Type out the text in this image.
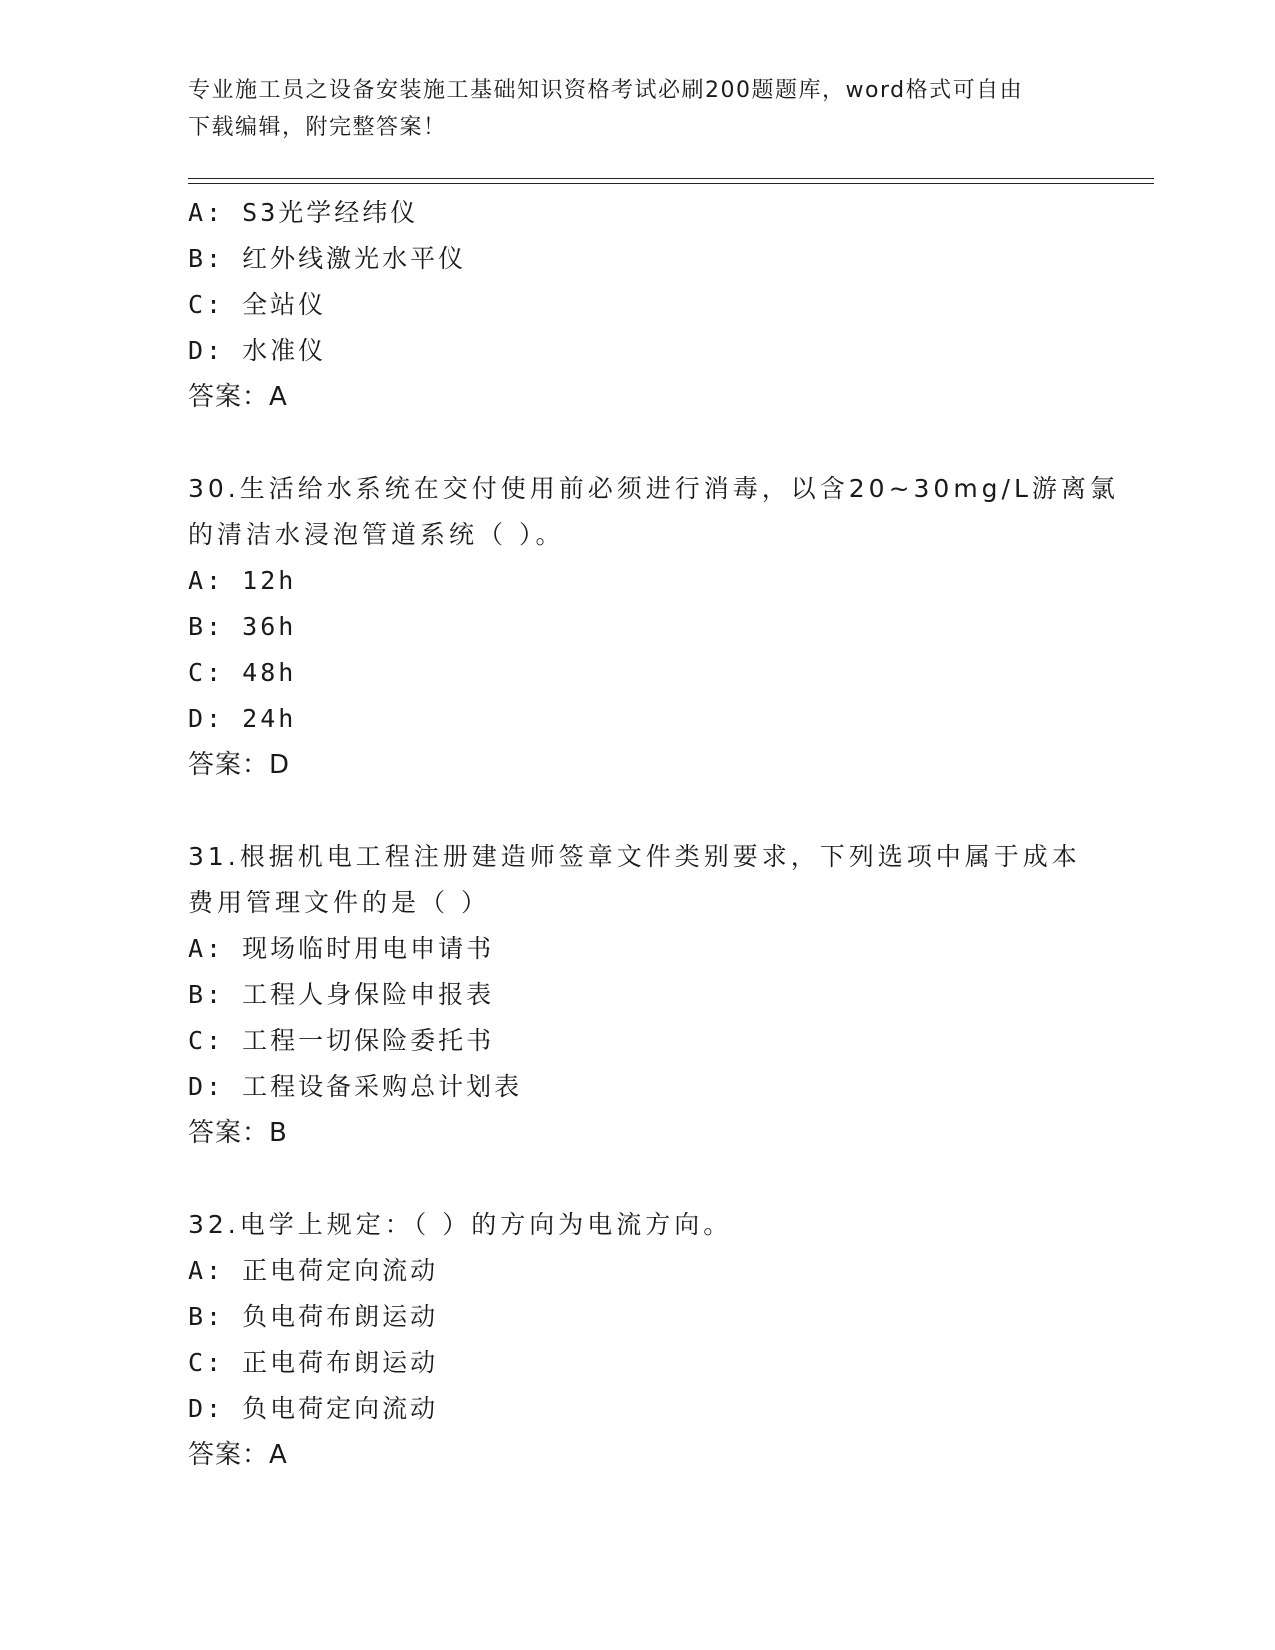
专业施工员之设备安装施工基础知识资格考试必刷200题题库，word格式可自由
下载编辑，附完整答案！
A: S3光学经纬仪
B: 红外线激光水平仪
C: 全站仪
D: 水准仪
答案：A
30.生活给水系统在交付使用前必须进行消毒，以含20~30mg/L游离氯
的清洁水浸泡管道系统（ ）。
A: 12h
B: 36h
C: 48h
D: 24h
答案：D
31.根据机电工程注册建造师签章文件类别要求，下列选项中属于成本
费用管理文件的是（ ）
A: 现场临时用电申请书
B: 工程人身保险申报表
C: 工程一切保险委托书
D: 工程设备采购总计划表
答案：B
32.电学上规定：（ ）的方向为电流方向。
A: 正电荷定向流动
B: 负电荷布朗运动
C: 正电荷布朗运动
D: 负电荷定向流动
答案：A
